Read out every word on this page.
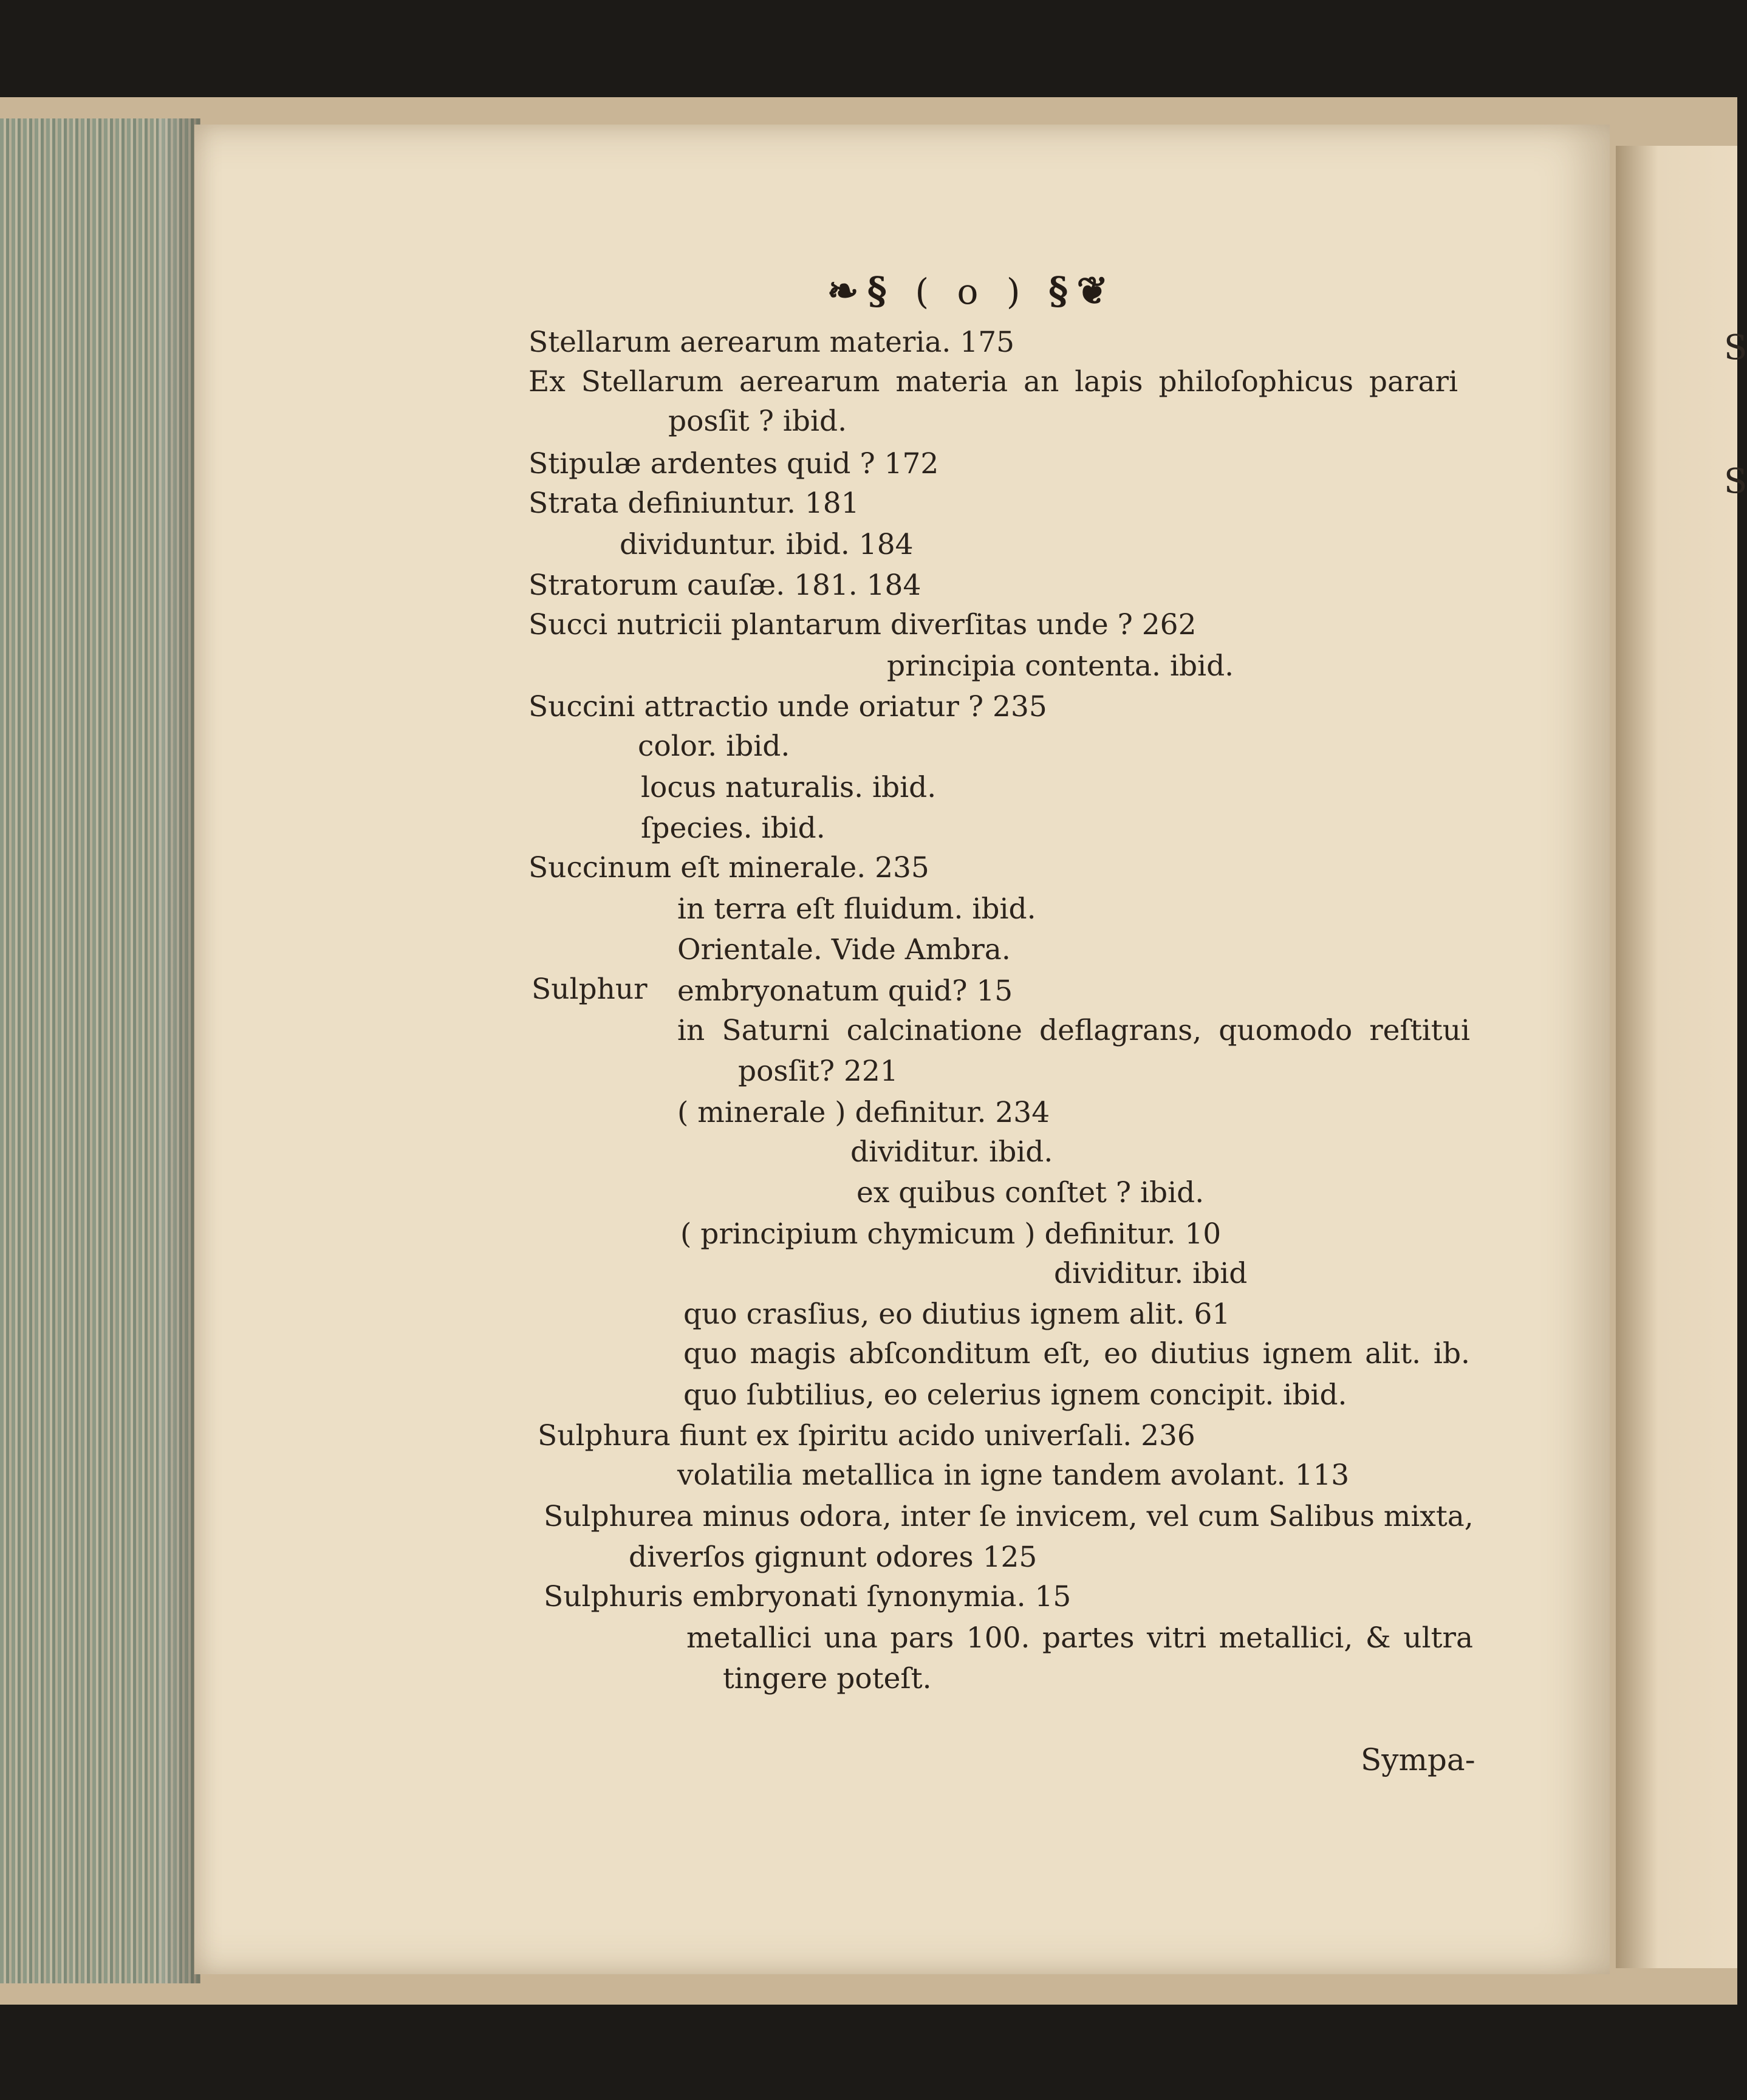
S
S
❧§ ( o ) §❦
Stellarum aerearum materia. 175
Ex Stellarum aerearum materia an lapis philoſophicus parari
posſit ? ibid.
Stipulæ ardentes quid ? 172
Strata definiuntur. 181
dividuntur. ibid. 184
Stratorum cauſæ. 181. 184
Succi nutricii plantarum diverſitas unde ? 262
principia contenta. ibid.
Succini attractio unde oriatur ? 235
color. ibid.
locus naturalis. ibid.
ſpecies. ibid.
Succinum eſt minerale. 235
in terra eſt fluidum. ibid.
Orientale. Vide Ambra.
Sulphur embryonatum quid? 15
in Saturni calcinatione deflagrans, quomodo reſtitui
posſit? 221
( minerale ) definitur. 234
dividitur. ibid.
ex quibus conſtet ? ibid.
( principium chymicum ) definitur. 10
dividitur. ibid
quo crasſius, eo diutius ignem alit. 61
quo magis abſconditum eſt, eo diutius ignem alit. ib.
quo ſubtilius, eo celerius ignem concipit. ibid.
Sulphura fiunt ex ſpiritu acido univerſali. 236
volatilia metallica in igne tandem avolant. 113
Sulphurea minus odora, inter ſe invicem, vel cum Salibus mixta,
diverſos gignunt odores 125
Sulphuris embryonati ſynonymia. 15
metallici una pars 100. partes vitri metallici, & ultra
tingere poteſt.
Sympa-
